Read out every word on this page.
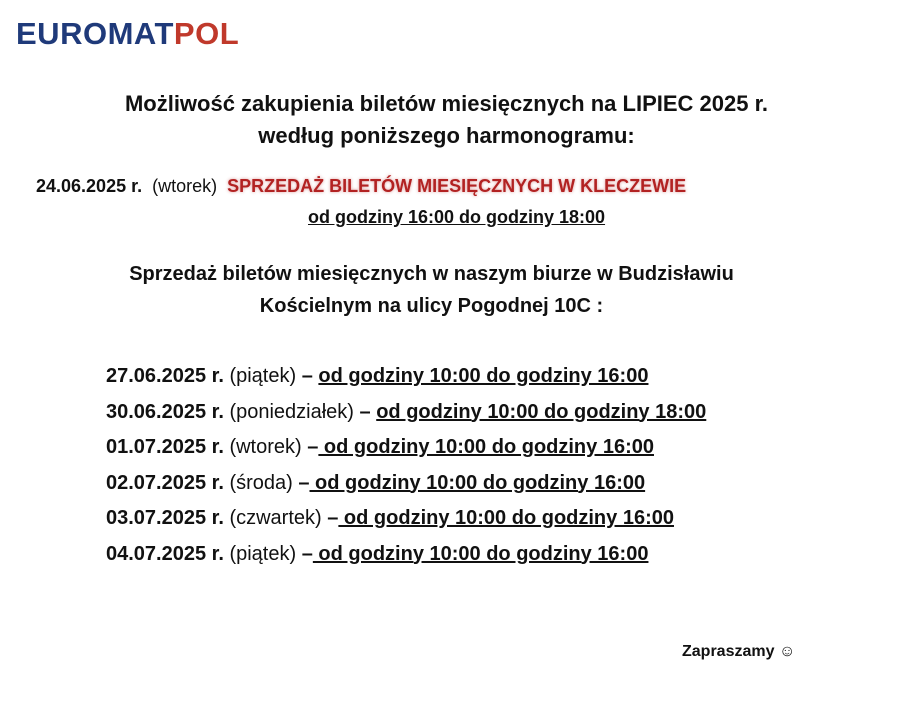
EUROMATPOL
Możliwość zakupienia biletów miesięcznych na LIPIEC 2025 r.
według poniższego harmonogramu:
24.06.2025 r. (wtorek) SPRZEDAŻ BILETÓW MIESIĘCZNYCH W KLECZEWIE
od godziny 16:00 do godziny 18:00
Sprzedaż biletów miesięcznych w naszym biurze w Budzisławiu
Kościelnym na ulicy Pogodnej 10C :
27.06.2025 r. (piątek) – od godziny 10:00 do godziny 16:00
30.06.2025 r. (poniedziałek) – od godziny 10:00 do godziny 18:00
01.07.2025 r. (wtorek) – od godziny 10:00 do godziny 16:00
02.07.2025 r. (środa) – od godziny 10:00 do godziny 16:00
03.07.2025 r. (czwartek) – od godziny 10:00 do godziny 16:00
04.07.2025 r. (piątek) – od godziny 10:00 do godziny 16:00
Zapraszamy ☺
